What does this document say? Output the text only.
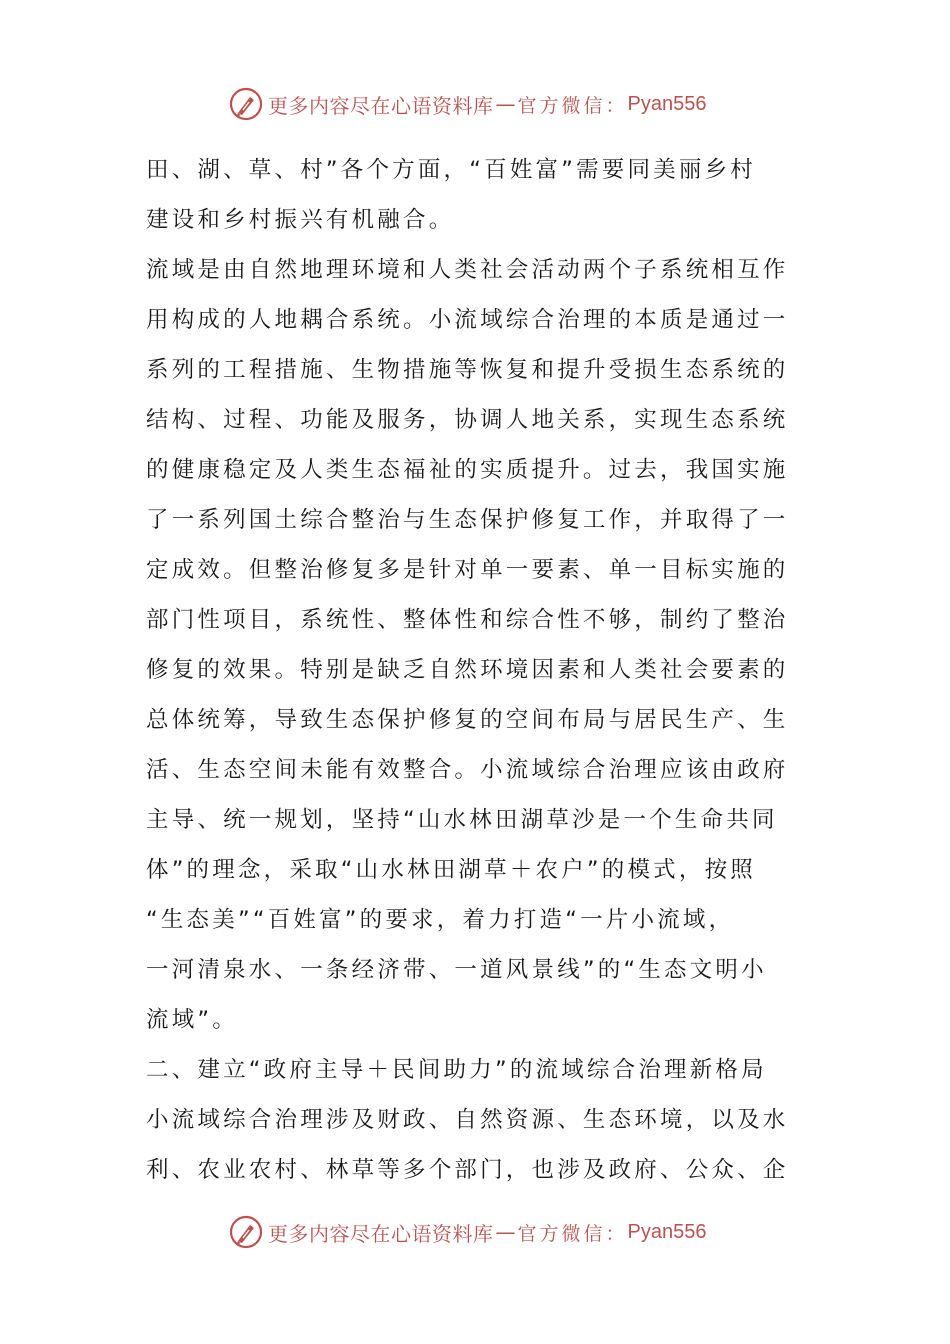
更多内容尽在心语资料库 — 官方微信： Pyan556
田、湖、草、村”各个方面，“百姓富”需要同美丽乡村
建设和乡村振兴有机融合。
流域是由自然地理环境和人类社会活动两个子系统相互作
用构成的人地耦合系统。小流域综合治理的本质是通过一
系列的工程措施、生物措施等恢复和提升受损生态系统的
结构、过程、功能及服务，协调人地关系，实现生态系统
的健康稳定及人类生态福祉的实质提升。过去，我国实施
了一系列国土综合整治与生态保护修复工作，并取得了一
定成效。但整治修复多是针对单一要素、单一目标实施的
部门性项目，系统性、整体性和综合性不够，制约了整治
修复的效果。特别是缺乏自然环境因素和人类社会要素的
总体统筹，导致生态保护修复的空间布局与居民生产、生
活、生态空间未能有效整合。小流域综合治理应该由政府
主导、统一规划，坚持“山水林田湖草沙是一个生命共同
体”的理念，采取“山水林田湖草＋农户”的模式，按照
“生态美”“百姓富”的要求，着力打造“一片小流域，
一河清泉水、一条经济带、一道风景线”的“生态文明小
流域”。
二、建立“政府主导＋民间助力”的流域综合治理新格局
小流域综合治理涉及财政、自然资源、生态环境，以及水
利、农业农村、林草等多个部门，也涉及政府、公众、企
更多内容尽在心语资料库 — 官方微信： Pyan556
